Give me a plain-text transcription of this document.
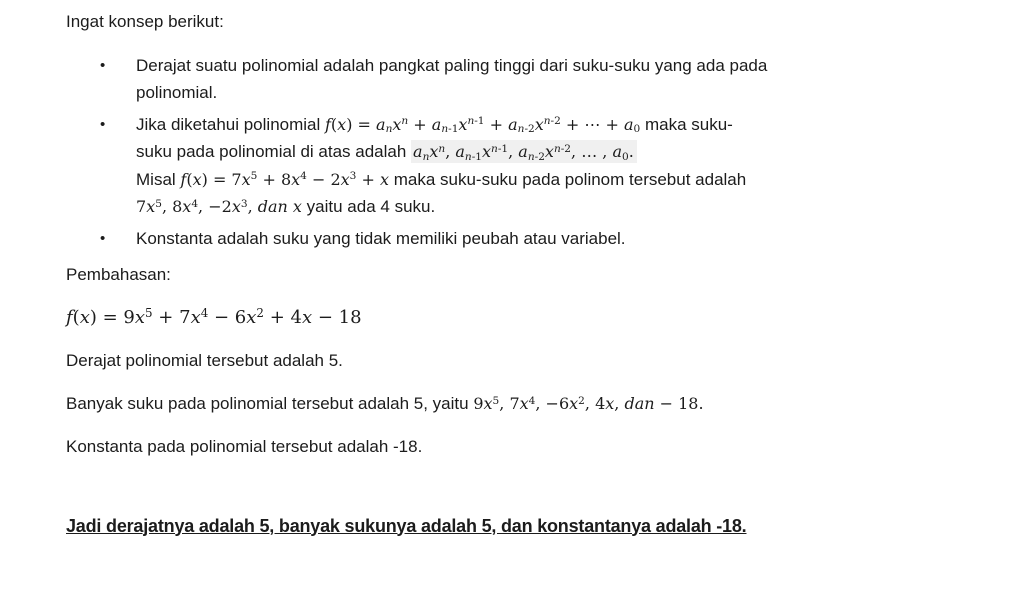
Ingat konsep berikut:

•	Derajat suatu polinomial adalah pangkat paling tinggi dari suku-suku yang ada pada
polinomial.
•	Jika diketahui polinomial $f(x) = a_nx^n + a_{n-1}x^{n-1} + a_{n-2}x^{n-2}$ + ⋯ + $a_0$ maka suku-
suku pada polinomial di atas adalah $a_nx^n$, $a_{n-1}x^{n-1}$, $a_{n-2}x^{n-2}$, … , $a_0$.
Misal $f(x) = 7x^5 + 8x^4 - 2x^3 + x$ maka suku-suku pada polinom tersebut adalah
$7x^5$, $8x^4$, $-2x^3$, dan x yaitu ada 4 suku.
•	Konstanta adalah suku yang tidak memiliki peubah atau variabel.

Pembahasan:

$f(x) = 9x^5 + 7x^4 - 6x^2 + 4x - 18$

Derajat polinomial tersebut adalah 5.

Banyak suku pada polinomial tersebut adalah 5, yaitu $9x^5$, $7x^4$, $-6x^2$, 4x, dan − 18.

Konstanta pada polinomial tersebut adalah -18.

Jadi derajatnya adalah 5, banyak sukunya adalah 5, dan konstantanya adalah -18.
